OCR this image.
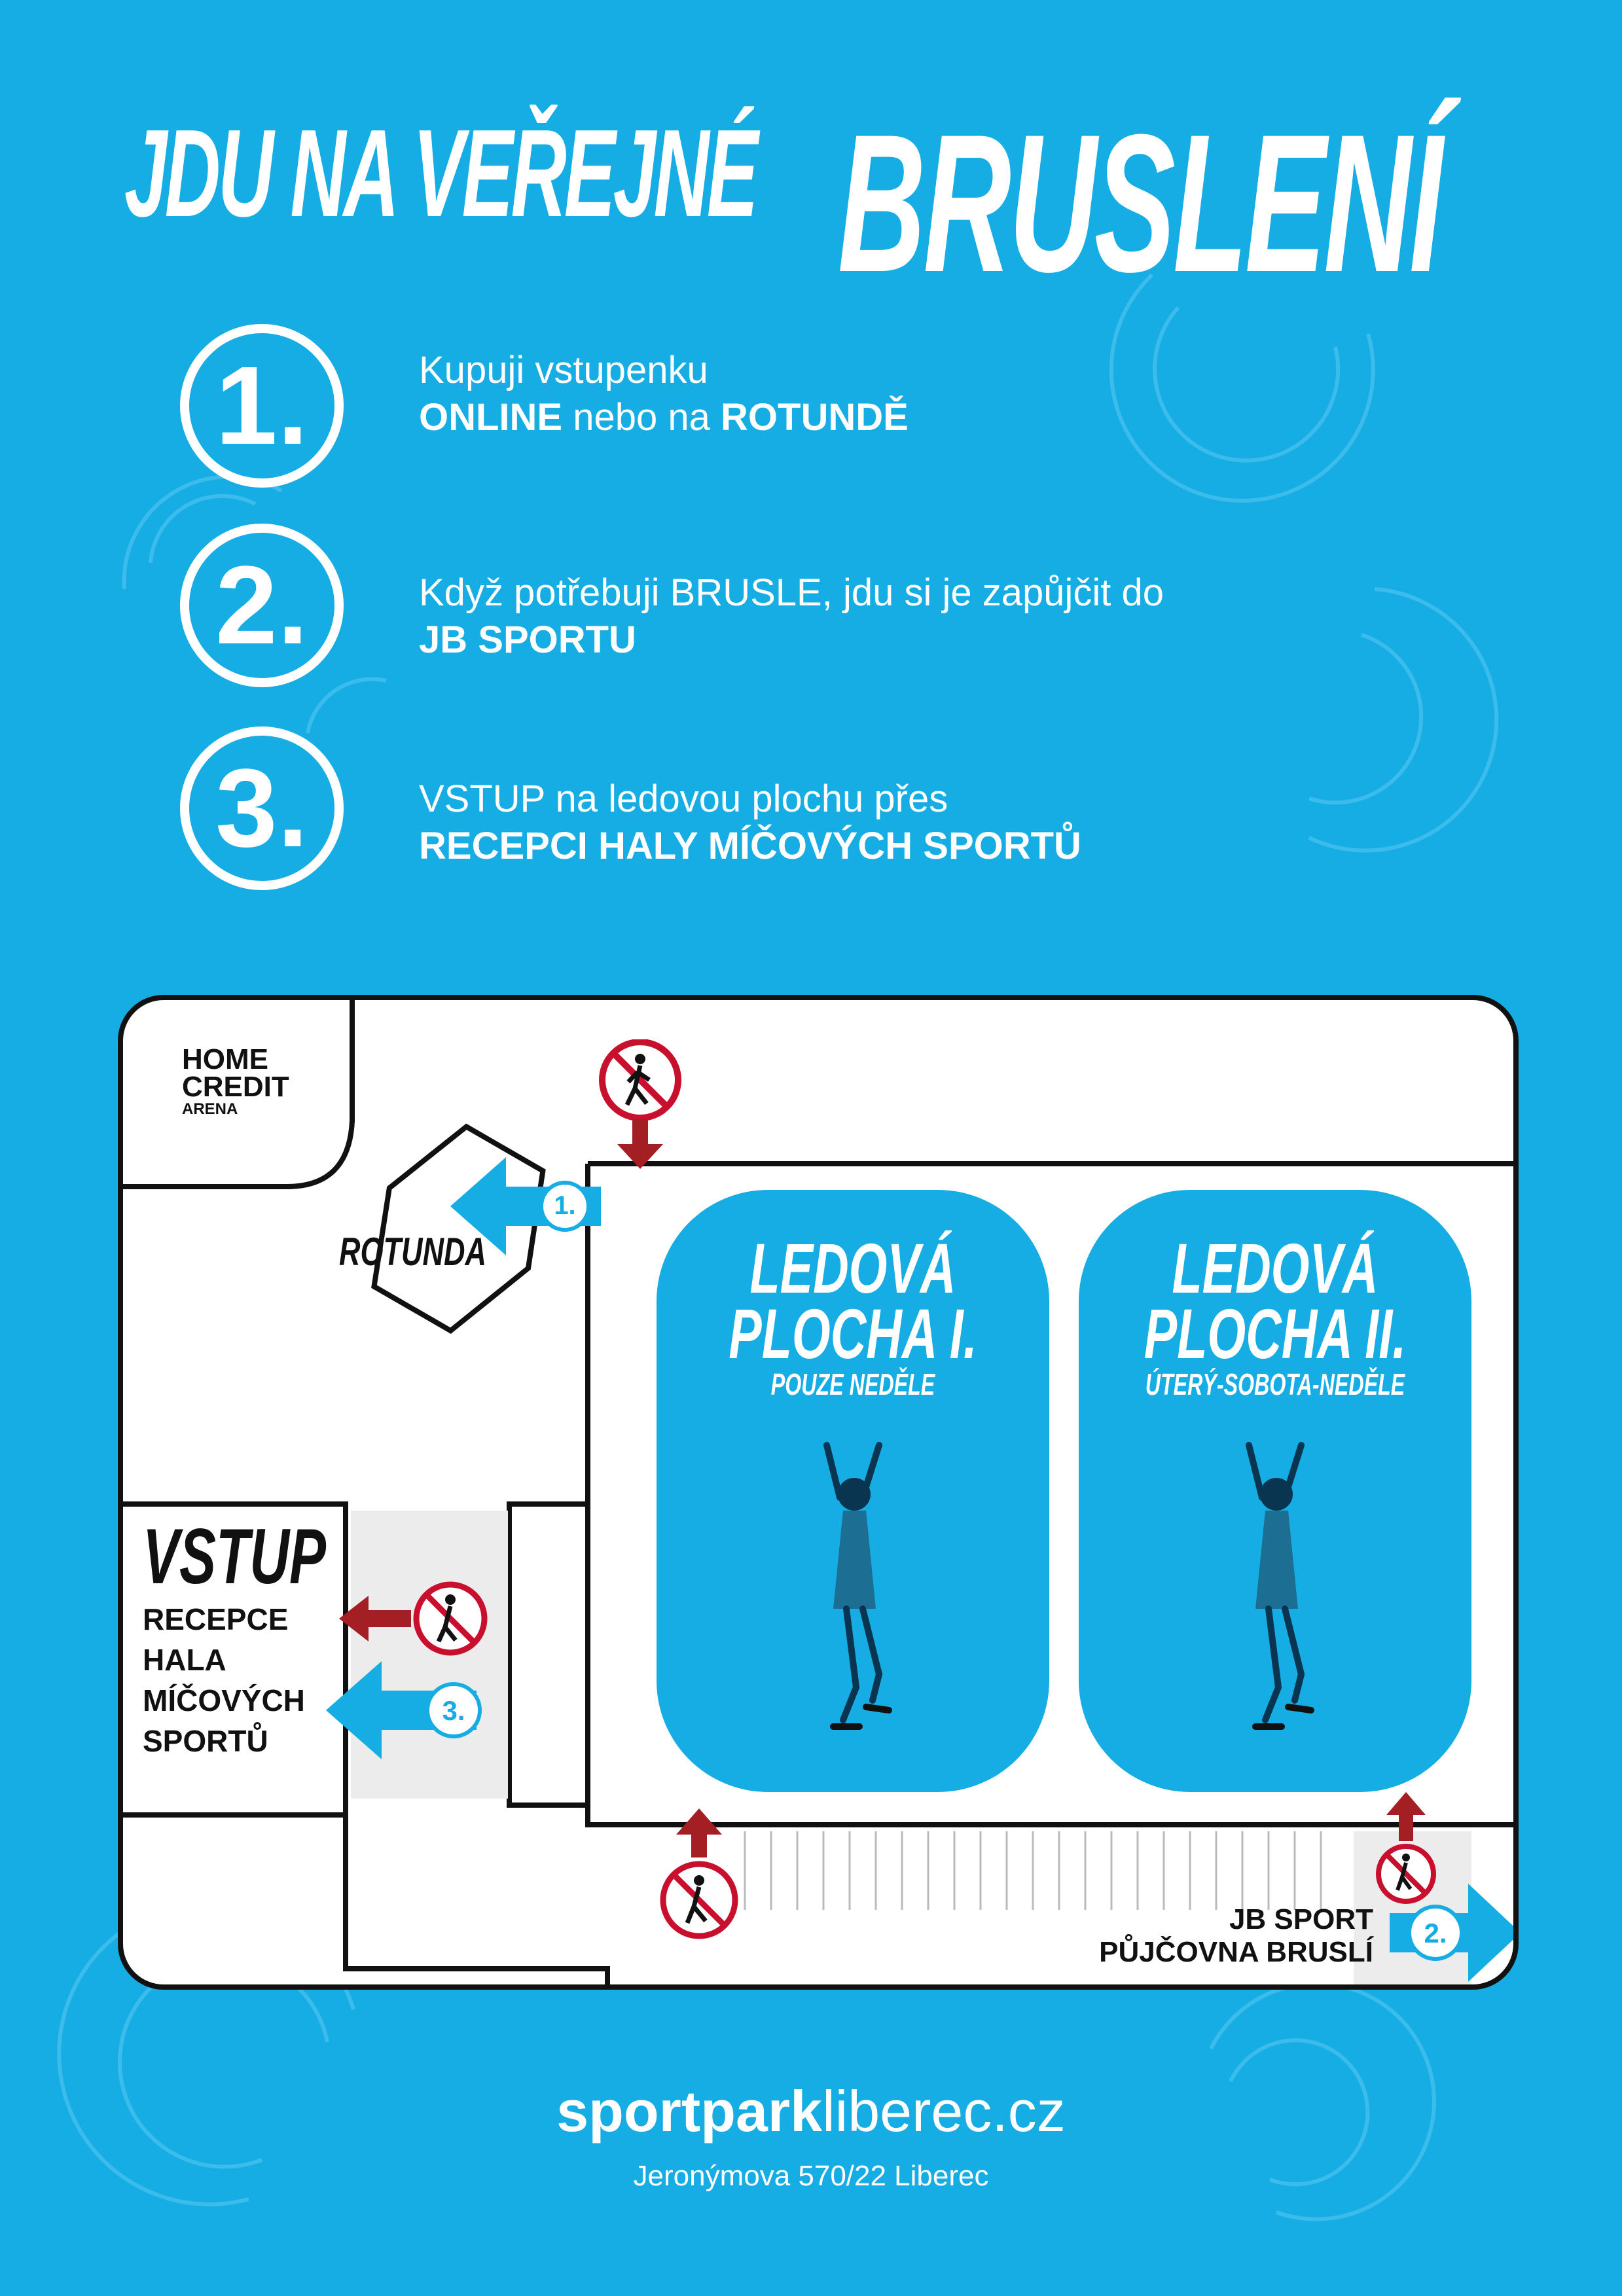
JDU NA VEŘEJNÉ BRUSLENÍ
1.	Kupuji vstupenku
ONLINE nebo na ROTUNDĚ
2.	Když potřebuji BRUSLE, jdu si je zapůjčit do
JB SPORTU
3.	VSTUP na ledovou plochu přes
RECEPCI HALY MÍČOVÝCH SPORTŮ
HOME
CREDIT
ARENA
ROTUNDA
1.
LEDOVÁ
PLOCHA I.
POUZE NEDĚLE
LEDOVÁ
PLOCHA II.
ÚTERÝ-SOBOTA-NEDĚLE
VSTUP
RECEPCE
HALA
MÍČOVÝCH
SPORTŮ
3.
JB SPORT
PŮJČOVNA BRUSLÍ
2.
sportparkliberec.cz
Jeronýmova 570/22 Liberec
